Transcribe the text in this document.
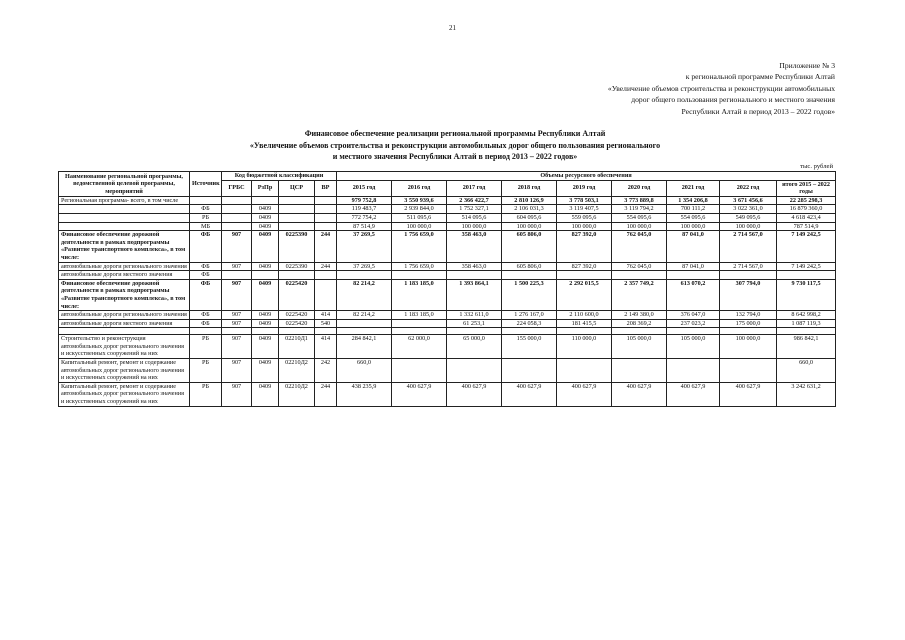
21
Приложение № 3
к региональной программе Республики Алтай
«Увеличение объемов строительства и реконструкции автомобильных
дорог общего пользования регионального и местного значения
Республики Алтай в период 2013 – 2022 годов»
Финансовое обеспечение реализации региональной программы Республики Алтай
«Увеличение объемов строительства и реконструкции автомобильных дорог общего пользования регионального
и местного значения Республики Алтай в период 2013 – 2022 годов»
тыс. рублей
Наименование региональной программы, ведомственной целевой программы, мероприятий	Источник	Код бюджетной классификации				Объемы ресурсного обеспечения								
		ГРБС	РзПр	ЦСР	ВР	2015 год	2016 год	2017 год	2018 год	2019 год	2020 год	2021 год	2022 год	итого 2015 – 2022 годы
Региональная программа- всего, в том числе						979 752,8	3 550 939,6	2 366 422,7	2 810 126,9	3 778 503,1	3 773 889,8	1 354 206,8	3 671 456,6	22 285 298,3
	ФБ		0409			119 483,7	2 939 844,0	1 752 327,1	2 106 031,3	3 119 407,5	3 119 794,2	700 111,2	3 022 361,0	16 879 360,0
	РБ		0409			772 754,2	511 095,6	514 095,6	604 095,6	559 095,6	554 095,6	554 095,6	549 095,6	4 618 423,4
	МБ		0409			87 514,9	100 000,0	100 000,0	100 000,0	100 000,0	100 000,0	100 000,0	100 000,0	787 514,9
Финансовое обеспечение дорожной деятельности в рамках подпрограммы «Развитие транспортного комплекса», в том числе:	ФБ	907	0409	0225390	244	37 269,5	1 756 659,0	358 463,0	605 806,0	827 392,0	762 045,0	87 041,0	2 714 567,0	7 149 242,5
автомобильные дороги регионального значения	ФБ	907	0409	0225390	244	37 269,5	1 756 659,0	358 463,0	605 806,0	827 392,0	762 045,0	87 041,0	2 714 567,0	7 149 242,5
автомобильные дороги местного значения	ФБ													
Финансовое обеспечение дорожной деятельности в рамках подпрограммы «Развитие транспортного комплекса», в том числе:	ФБ	907	0409	0225420		82 214,2	1 183 185,0	1 393 864,1	1 500 225,3	2 292 015,5	2 357 749,2	613 070,2	307 794,0	9 730 117,5
автомобильные дороги регионального значения	ФБ	907	0409	0225420	414	82 214,2	1 183 185,0	1 332 611,0	1 276 167,0	2 110 600,0	2 149 380,0	376 047,0	132 794,0	8 642 998,2
автомобильные дороги местного значения	ФБ	907	0409	0225420	540			61 253,1	224 058,3	181 415,5	208 369,2	237 023,2	175 000,0	1 087 119,3

Строительство и реконструкция автомобильных дорог регионального значения и искусственных сооружений на них	РБ	907	0409	02210Д1	414	284 842,1	62 000,0	65 000,0	155 000,0	110 000,0	105 000,0	105 000,0	100 000,0	986 842,1
Капитальный ремонт, ремонт и содержание автомобильных дорог регионального значения и искусственных сооружений на них	РБ	907	0409	02210Д2	242	660,0								660,0
Капитальный ремонт, ремонт и содержание автомобильных дорог регионального значения и искусственных сооружений на них	РБ	907	0409	02210Д2	244	438 235,9	400 627,9	400 627,9	400 627,9	400 627,9	400 627,9	400 627,9	400 627,9	3 242 631,2
